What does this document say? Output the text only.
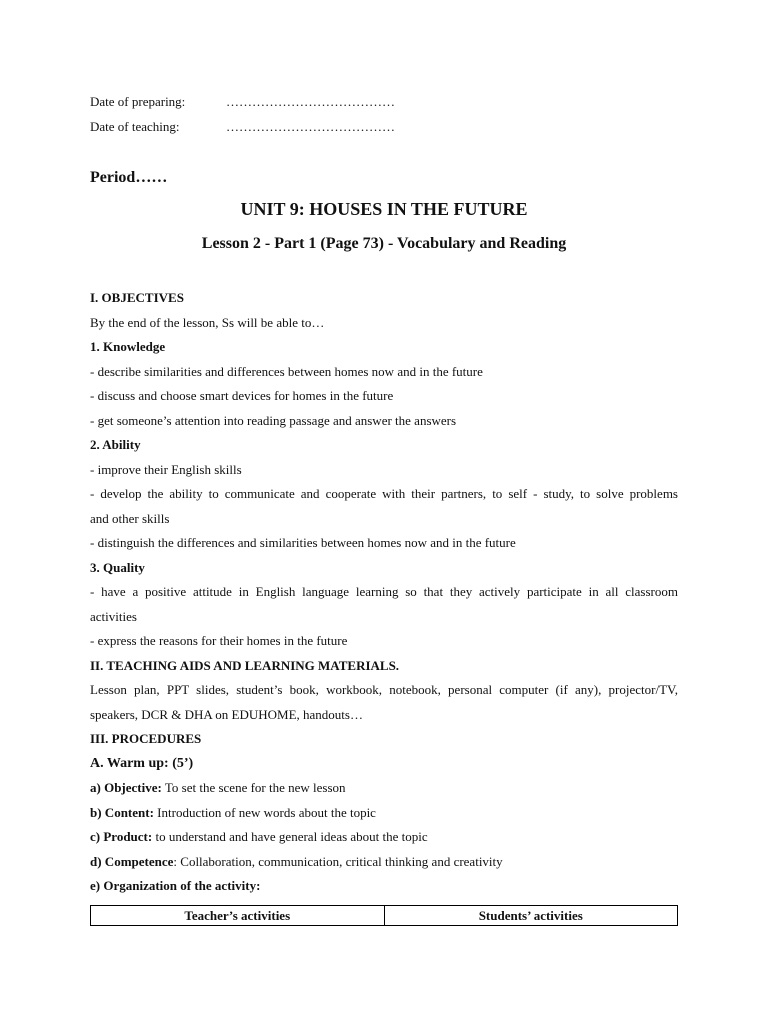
Date of preparing:	…………………………………
Date of teaching:	…………………………………
Period……
UNIT 9: HOUSES IN THE FUTURE
Lesson 2 - Part 1 (Page 73) - Vocabulary and Reading

I. OBJECTIVES

By the end of the lesson, Ss will be able to…

1. Knowledge

- describe similarities and differences between homes now and in the future

- discuss and choose smart devices for homes in the future

- get someone’s attention into reading passage and answer the answers

2. Ability

- improve their English skills

- develop the ability to communicate and cooperate with their partners, to self - study, to solve problems

and other skills

- distinguish the differences and similarities between homes now and in the future

3. Quality

- have a positive attitude in English language learning so that they actively participate in all classroom

activities

- express the reasons for their homes in the future

II. TEACHING AIDS AND LEARNING MATERIALS.

Lesson plan, PPT slides, student’s book, workbook, notebook, personal computer (if any), projector/TV,

speakers, DCR & DHA on EDUHOME, handouts…

III. PROCEDURES

A. Warm up: (5’)

a) Objective: To set the scene for the new lesson

b) Content: Introduction of new words about the topic

c) Product: to understand and have general ideas about the topic

d) Competence: Collaboration, communication, critical thinking and creativity

e) Organization of the activity:

Teacher’s activities	Students’ activities
